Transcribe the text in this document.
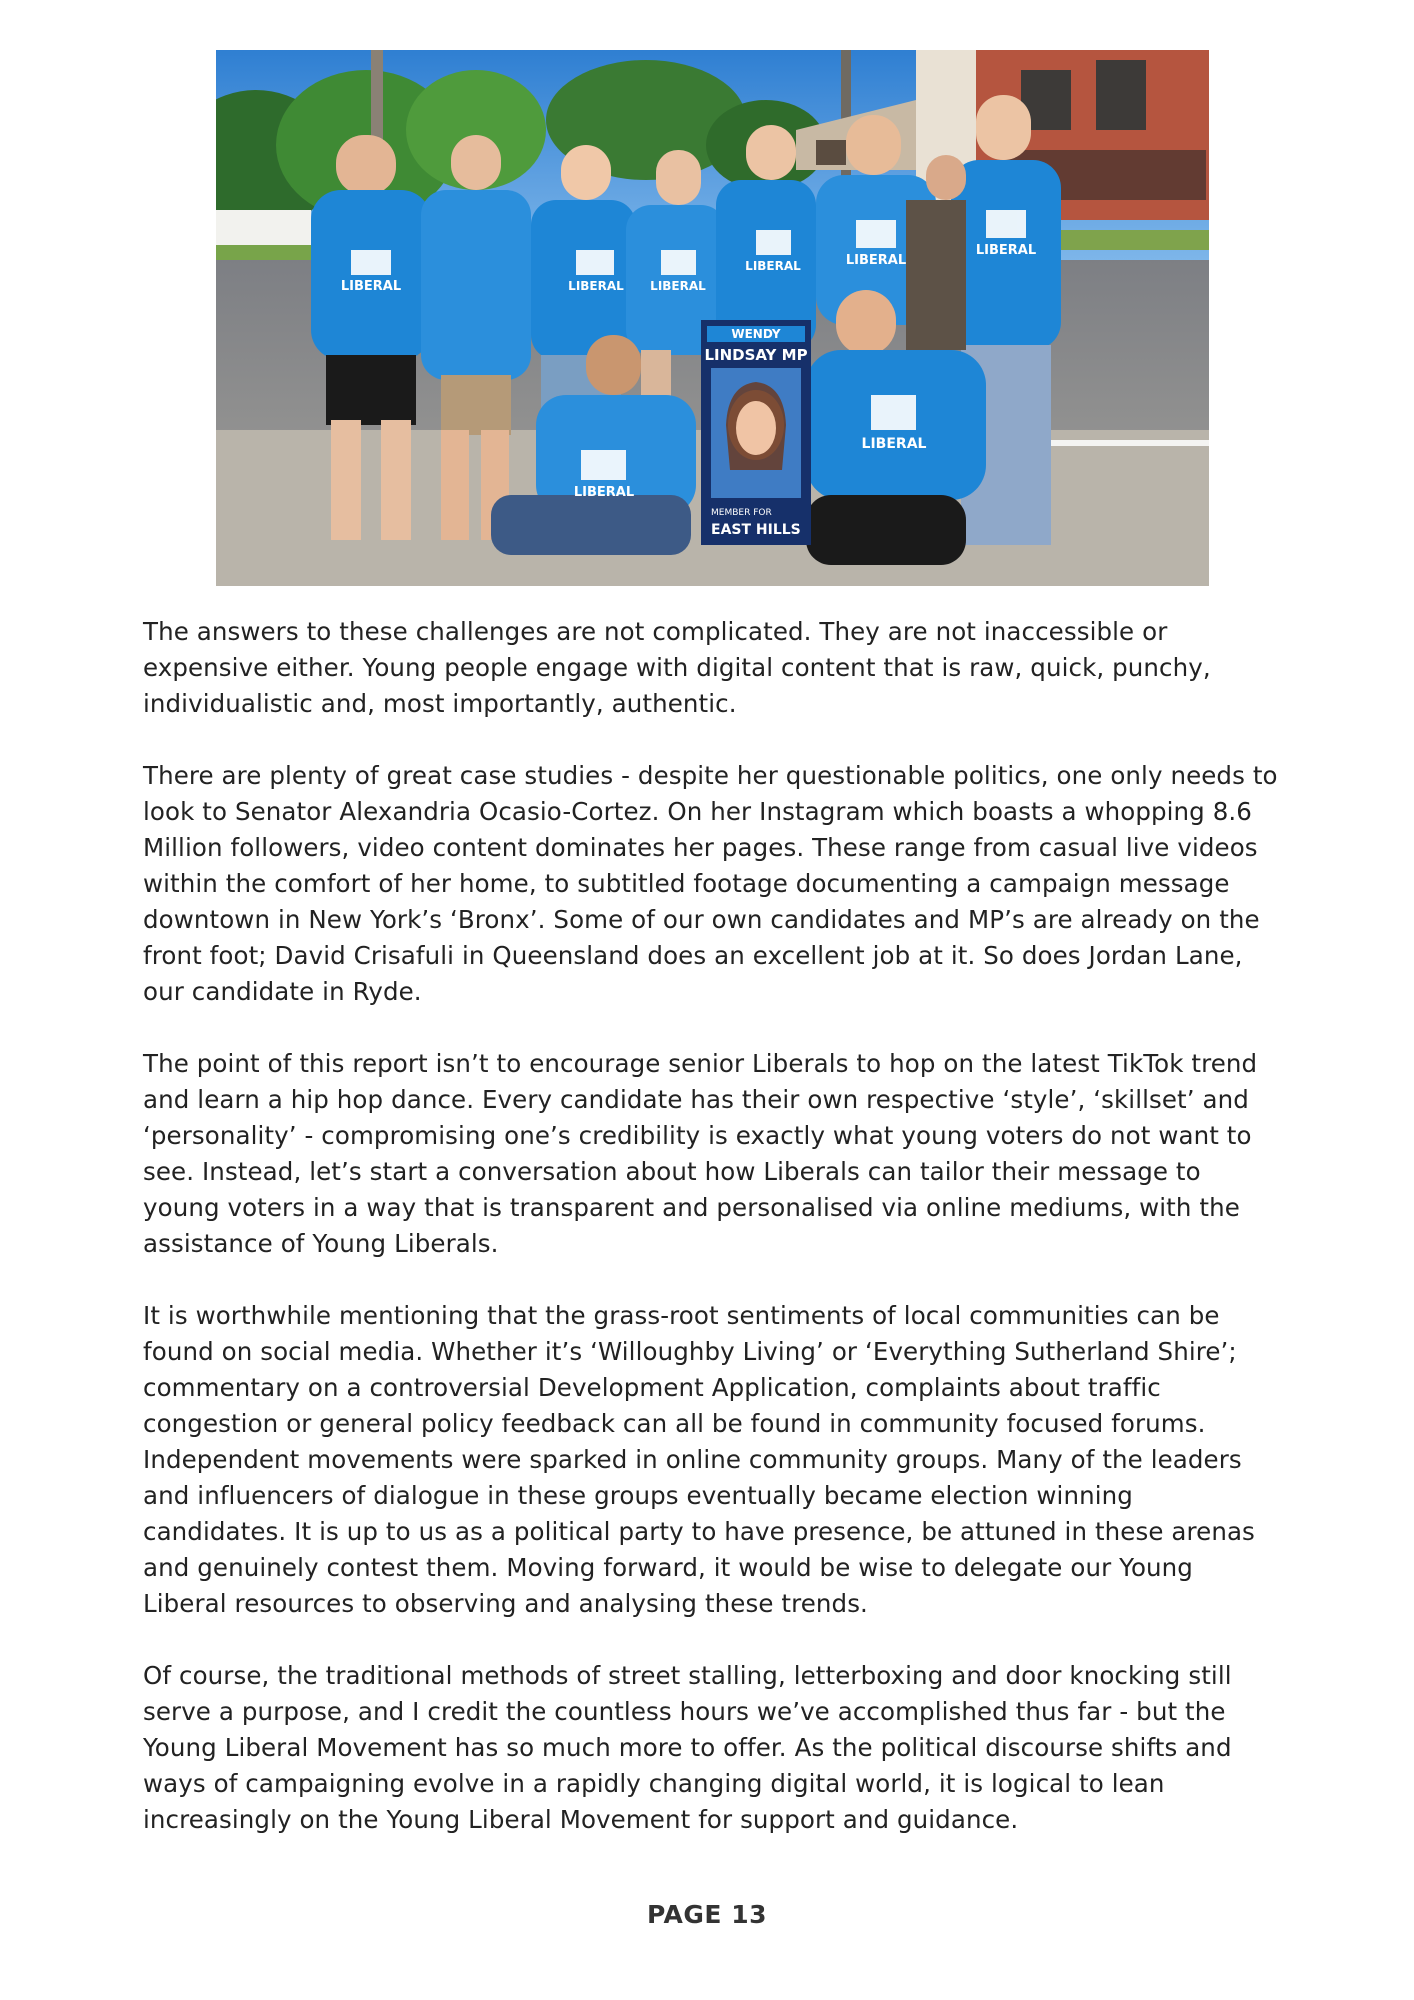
LIBERAL	LIBERAL LIBERAL
LIBERAL	LIBERAL
LIBERAL
LIBERAL
LIBERAL
WENDY
LINDSAY MP
MEMBER FOR
EAST HILLS

The answers to these challenges are not complicated. They are not inaccessible or expensive either. Young people engage with digital content that is raw, quick, punchy, individualistic and, most importantly, authentic.

There are plenty of great case studies - despite her questionable politics, one only needs to look to Senator Alexandria Ocasio-Cortez. On her Instagram which boasts a whopping 8.6 Million followers, video content dominates her pages. These range from casual live videos within the comfort of her home, to subtitled footage documenting a campaign message downtown in New York’s ‘Bronx’. Some of our own candidates and MP’s are already on the front foot; David Crisafuli in Queensland does an excellent job at it. So does Jordan Lane, our candidate in Ryde.

The point of this report isn’t to encourage senior Liberals to hop on the latest TikTok trend and learn a hip hop dance. Every candidate has their own respective ‘style’, ‘skillset’ and ‘personality’ - compromising one’s credibility is exactly what young voters do not want to see. Instead, let’s start a conversation about how Liberals can tailor their message to young voters in a way that is transparent and personalised via online mediums, with the assistance of Young Liberals.

It is worthwhile mentioning that the grass-root sentiments of local communities can be found on social media. Whether it’s ‘Willoughby Living’ or ‘Everything Sutherland Shire’; commentary on a controversial Development Application, complaints about traffic congestion or general policy feedback can all be found in community focused forums. Independent movements were sparked in online community groups. Many of the leaders and influencers of dialogue in these groups eventually became election winning candidates. It is up to us as a political party to have presence, be attuned in these arenas and genuinely contest them. Moving forward, it would be wise to delegate our Young Liberal resources to observing and analysing these trends.

Of course, the traditional methods of street stalling, letterboxing and door knocking still serve a purpose, and I credit the countless hours we’ve accomplished thus far - but the Young Liberal Movement has so much more to offer. As the political discourse shifts and ways of campaigning evolve in a rapidly changing digital world, it is logical to lean increasingly on the Young Liberal Movement for support and guidance.

PAGE 13
